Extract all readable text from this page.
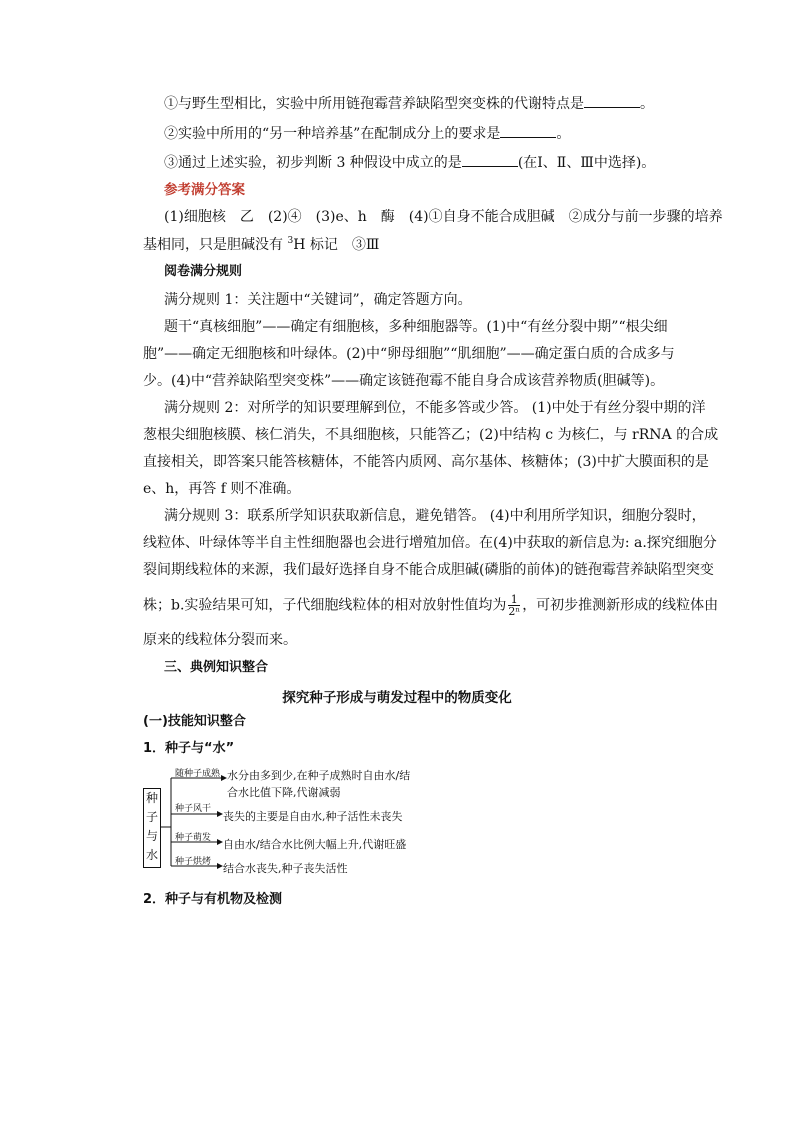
①与野生型相比，实验中所用链孢霉营养缺陷型突变株的代谢特点是	。
②实验中所用的“另一种培养基”在配制成分上的要求是	。
③通过上述实验，初步判断 3 种假设中成立的是	(在Ⅰ、Ⅱ、Ⅲ中选择)。
参考满分答案
(1)细胞核　乙　(2)④　(3)e、h　酶　(4)①自身不能合成胆碱　②成分与前一步骤的培养
基相同，只是胆碱没有 $^3$H 标记　③Ⅲ
阅卷满分规则
满分规则 1：关注题中“关键词”，确定答题方向。
题干“真核细胞”——确定有细胞核，多种细胞器等。(1)中“有丝分裂中期”“根尖细
胞”——确定无细胞核和叶绿体。(2)中“卵母细胞”“肌细胞”——确定蛋白质的合成多与
少。(4)中“营养缺陷型突变株”——确定该链孢霉不能自身合成该营养物质(胆碱等)。
满分规则 2：对所学的知识要理解到位，不能多答或少答。 (1)中处于有丝分裂中期的洋
葱根尖细胞核膜、核仁消失，不具细胞核，只能答乙；(2)中结构 c 为核仁，与 rRNA 的合成
直接相关，即答案只能答核糖体，不能答内质网、高尔基体、核糖体；(3)中扩大膜面积的是
e、h，再答 f 则不准确。
满分规则 3：联系所学知识获取新信息，避免错答。 (4)中利用所学知识，细胞分裂时，
线粒体、叶绿体等半自主性细胞器也会进行增殖加倍。在(4)中获取的新信息为: a.探究细胞分
裂间期线粒体的来源，我们最好选择自身不能合成胆碱(磷脂的前体)的链孢霉营养缺陷型突变
株；b.实验结果可知，子代细胞线粒体的相对放射性值均为 $\frac{1}{\text{2ⁿ}}$ ，可初步推测新形成的线粒体由
原来的线粒体分裂而来。
三、典例知识整合
探究种子形成与萌发过程中的物质变化
(一)技能知识整合
1．种子与“水”
种
子
与
水
随种子成熟 水分由多到少,在种子成熟时自由水/结
合水比值下降,代谢减弱
种子风干
丧失的主要是自由水,种子活性未丧失
种子萌发 自由水/结合水比例大幅上升,代谢旺盛
种子烘烤 结合水丧失,种子丧失活性
2．种子与有机物及检测
